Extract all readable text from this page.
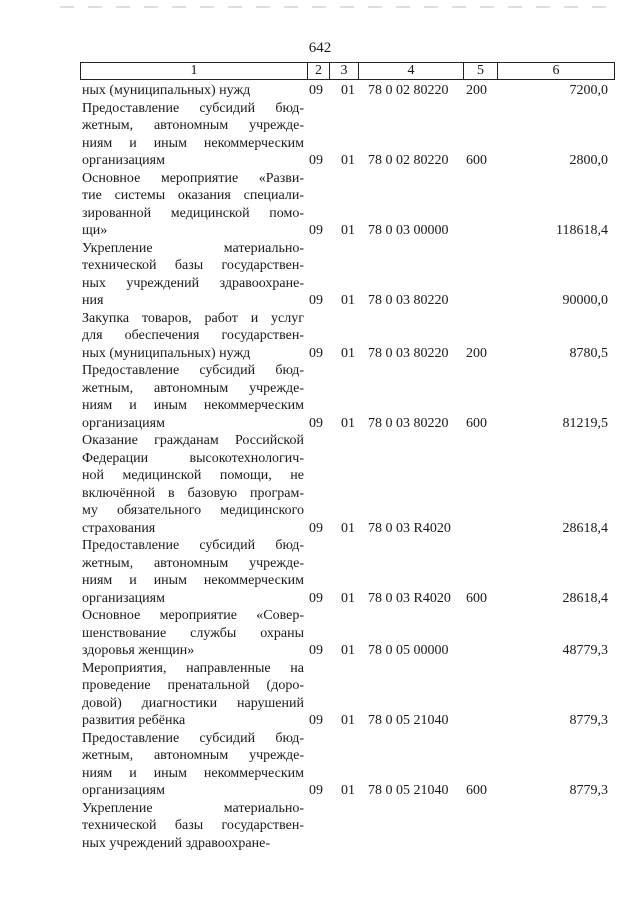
642
1	2	3	4	5	6
ных (муниципальных) нужд	09 01 78 0 02 80220 200	7200,0
Предоставление субсидий бюд-
жетным, автономным учрежде-
ниям и иным некоммерческим
организациям	09 01 78 0 02 80220 600	2800,0
Основное мероприятие «Разви-
тие системы оказания специали-
зированной медицинской помо-
щи»	09 01 78 0 03 00000	118618,4
Укрепление материально-
технической базы государствен-
ных учреждений здравоохране-
ния	09 01 78 0 03 80220	90000,0
Закупка товаров, работ и услуг
для обеспечения государствен-
ных (муниципальных) нужд	09 01 78 0 03 80220 200	8780,5
Предоставление субсидий бюд-
жетным, автономным учрежде-
ниям и иным некоммерческим
организациям	09 01 78 0 03 80220 600	81219,5
Оказание гражданам Российской
Федерации высокотехнологич-
ной медицинской помощи, не
включённой в базовую програм-
му обязательного медицинского
страхования	09 01 78 0 03 R4020	28618,4
Предоставление субсидий бюд-
жетным, автономным учрежде-
ниям и иным некоммерческим
организациям	09 01 78 0 03 R4020 600	28618,4
Основное мероприятие «Совер-
шенствование службы охраны
здоровья женщин»	09 01 78 0 05 00000	48779,3
Мероприятия, направленные на
проведение пренатальной (доро-
довой) диагностики нарушений
развития ребёнка	09 01 78 0 05 21040	8779,3
Предоставление субсидий бюд-
жетным, автономным учрежде-
ниям и иным некоммерческим
организациям	09 01 78 0 05 21040 600	8779,3
Укрепление материально-
технической базы государствен-
ных учреждений здравоохране-
